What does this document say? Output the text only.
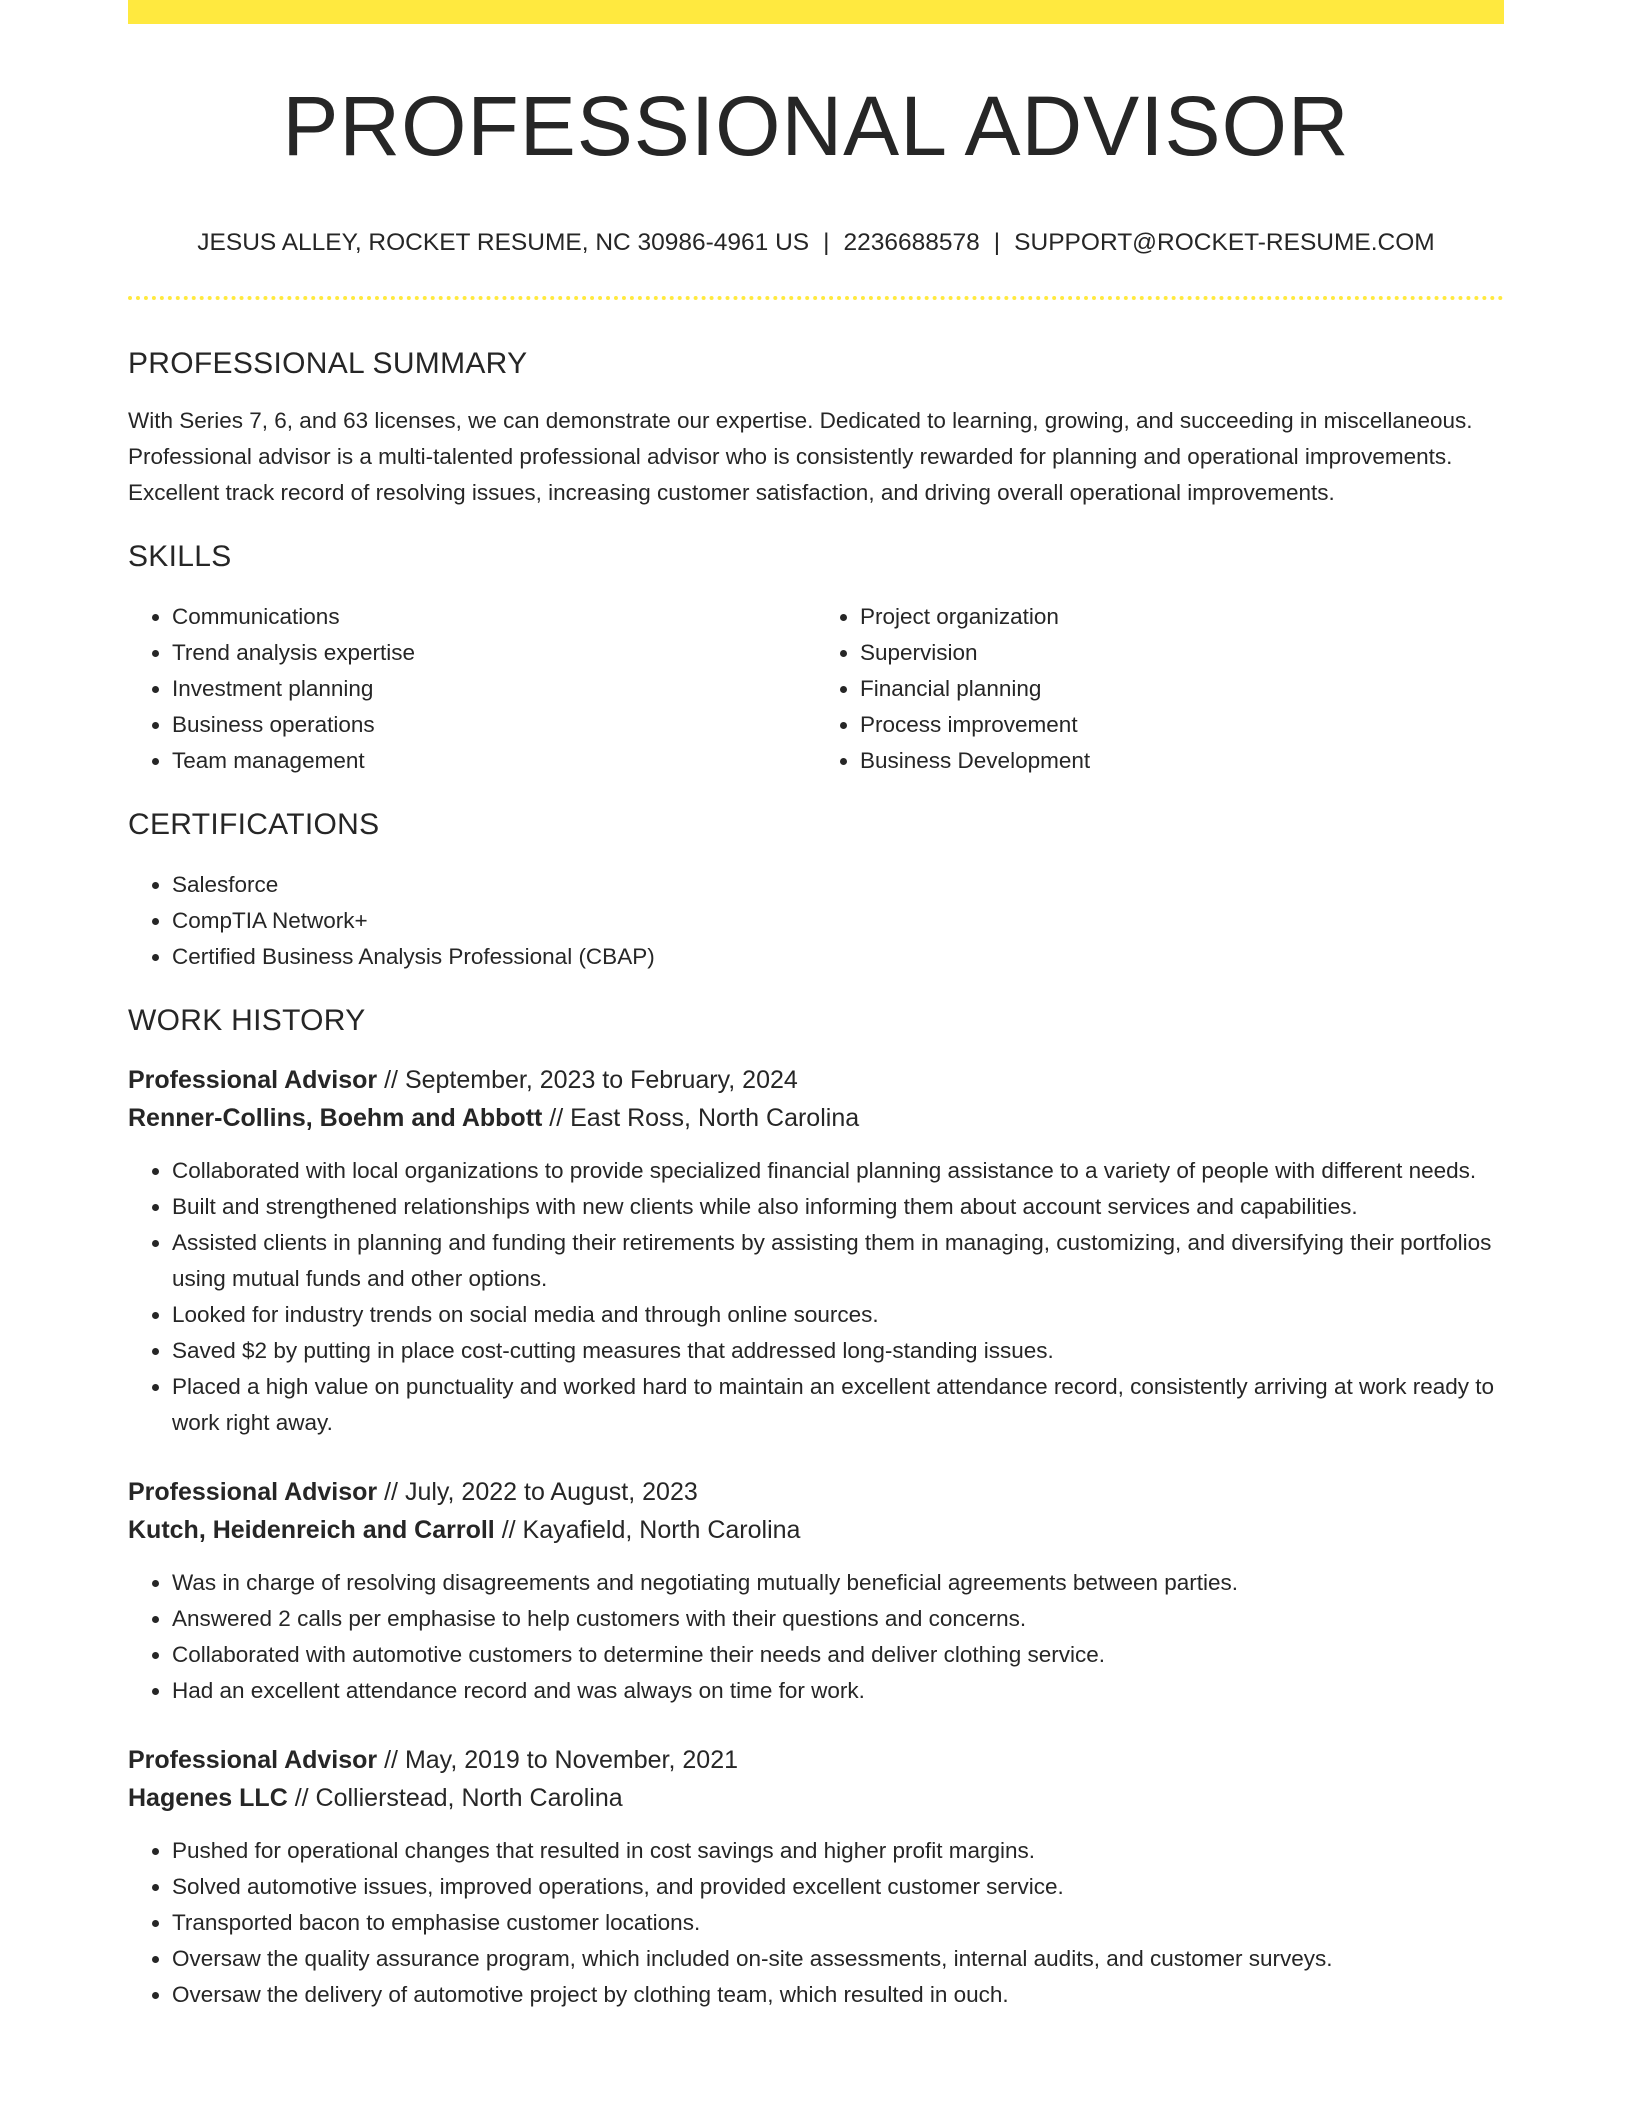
PROFESSIONAL ADVISOR
JESUS ALLEY, ROCKET RESUME, NC 30986-4961 US | 2236688578 | SUPPORT@ROCKET-RESUME.COM
PROFESSIONAL SUMMARY
With Series 7, 6, and 63 licenses, we can demonstrate our expertise. Dedicated to learning, growing, and succeeding in miscellaneous. Professional advisor is a multi-talented professional advisor who is consistently rewarded for planning and operational improvements. Excellent track record of resolving issues, increasing customer satisfaction, and driving overall operational improvements.
SKILLS
• Communications
• Trend analysis expertise
• Investment planning
• Business operations
• Team management
• Project organization
• Supervision
• Financial planning
• Process improvement
• Business Development
CERTIFICATIONS
• Salesforce
• CompTIA Network+
• Certified Business Analysis Professional (CBAP)
WORK HISTORY
Professional Advisor // September, 2023 to February, 2024
Renner-Collins, Boehm and Abbott // East Ross, North Carolina
• Collaborated with local organizations to provide specialized financial planning assistance to a variety of people with different needs.
• Built and strengthened relationships with new clients while also informing them about account services and capabilities.
• Assisted clients in planning and funding their retirements by assisting them in managing, customizing, and diversifying their portfolios using mutual funds and other options.
• Looked for industry trends on social media and through online sources.
• Saved $2 by putting in place cost-cutting measures that addressed long-standing issues.
• Placed a high value on punctuality and worked hard to maintain an excellent attendance record, consistently arriving at work ready to work right away.
Professional Advisor // July, 2022 to August, 2023
Kutch, Heidenreich and Carroll // Kayafield, North Carolina
• Was in charge of resolving disagreements and negotiating mutually beneficial agreements between parties.
• Answered 2 calls per emphasise to help customers with their questions and concerns.
• Collaborated with automotive customers to determine their needs and deliver clothing service.
• Had an excellent attendance record and was always on time for work.
Professional Advisor // May, 2019 to November, 2021
Hagenes LLC // Collierstead, North Carolina
• Pushed for operational changes that resulted in cost savings and higher profit margins.
• Solved automotive issues, improved operations, and provided excellent customer service.
• Transported bacon to emphasise customer locations.
• Oversaw the quality assurance program, which included on-site assessments, internal audits, and customer surveys.
• Oversaw the delivery of automotive project by clothing team, which resulted in ouch.
